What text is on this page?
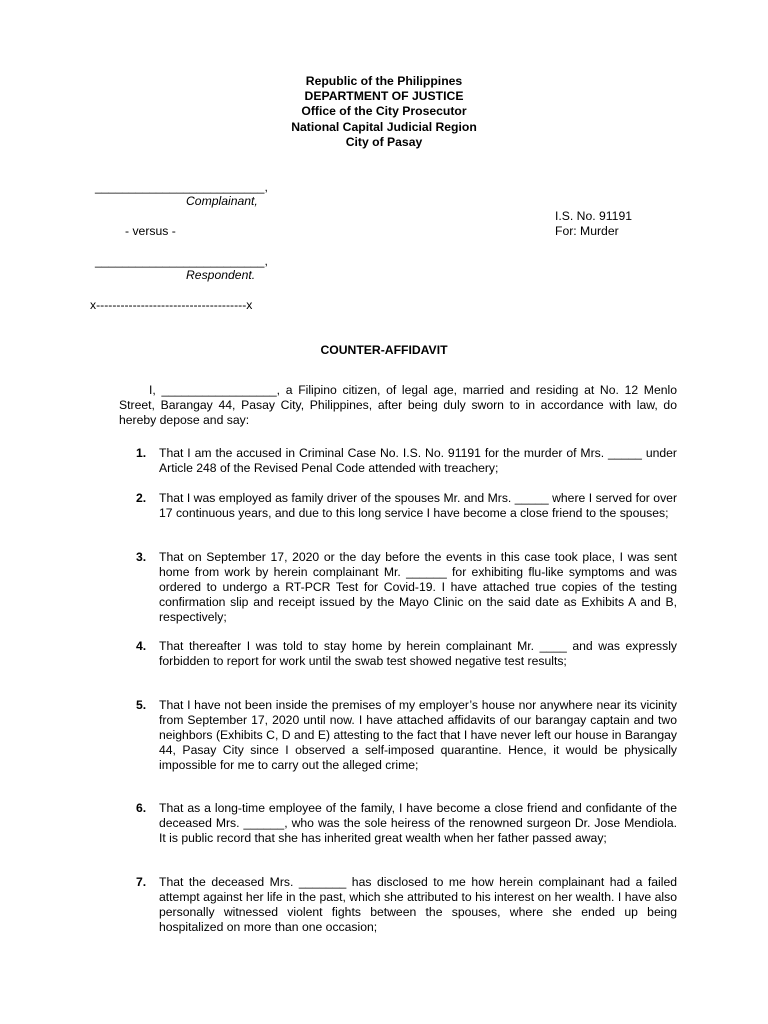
Republic of the Philippines
DEPARTMENT OF JUSTICE
Office of the City Prosecutor
National Capital Judicial Region
City of Pasay
_________________________,
Complainant,
I.S. No. 91191
- versus -	For: Murder
_________________________,
Respondent.
x-------------------------------------x
COUNTER-AFFIDAVIT
I, _________________, a Filipino citizen, of legal age, married and residing at No. 12 Menlo Street, Barangay 44, Pasay City, Philippines, after being duly sworn to in accordance with law, do hereby depose and say:
1. That I am the accused in Criminal Case No. I.S. No. 91191 for the murder of Mrs. _____ under Article 248 of the Revised Penal Code attended with treachery;
2. That I was employed as family driver of the spouses Mr. and Mrs. _____ where I served for over 17 continuous years, and due to this long service I have become a close friend to the spouses;
3. That on September 17, 2020 or the day before the events in this case took place, I was sent home from work by herein complainant Mr. ______ for exhibiting flu-like symptoms and was ordered to undergo a RT-PCR Test for Covid-19. I have attached true copies of the testing confirmation slip and receipt issued by the Mayo Clinic on the said date as Exhibits A and B, respectively;
4. That thereafter I was told to stay home by herein complainant Mr. ____ and was expressly forbidden to report for work until the swab test showed negative test results;
5. That I have not been inside the premises of my employer’s house nor anywhere near its vicinity from September 17, 2020 until now. I have attached affidavits of our barangay captain and two neighbors (Exhibits C, D and E) attesting to the fact that I have never left our house in Barangay 44, Pasay City since I observed a self-imposed quarantine. Hence, it would be physically impossible for me to carry out the alleged crime;
6. That as a long-time employee of the family, I have become a close friend and confidante of the deceased Mrs. ______, who was the sole heiress of the renowned surgeon Dr. Jose Mendiola. It is public record that she has inherited great wealth when her father passed away;
7. That the deceased Mrs. _______ has disclosed to me how herein complainant had a failed attempt against her life in the past, which she attributed to his interest on her wealth. I have also personally witnessed violent fights between the spouses, where she ended up being hospitalized on more than one occasion;
